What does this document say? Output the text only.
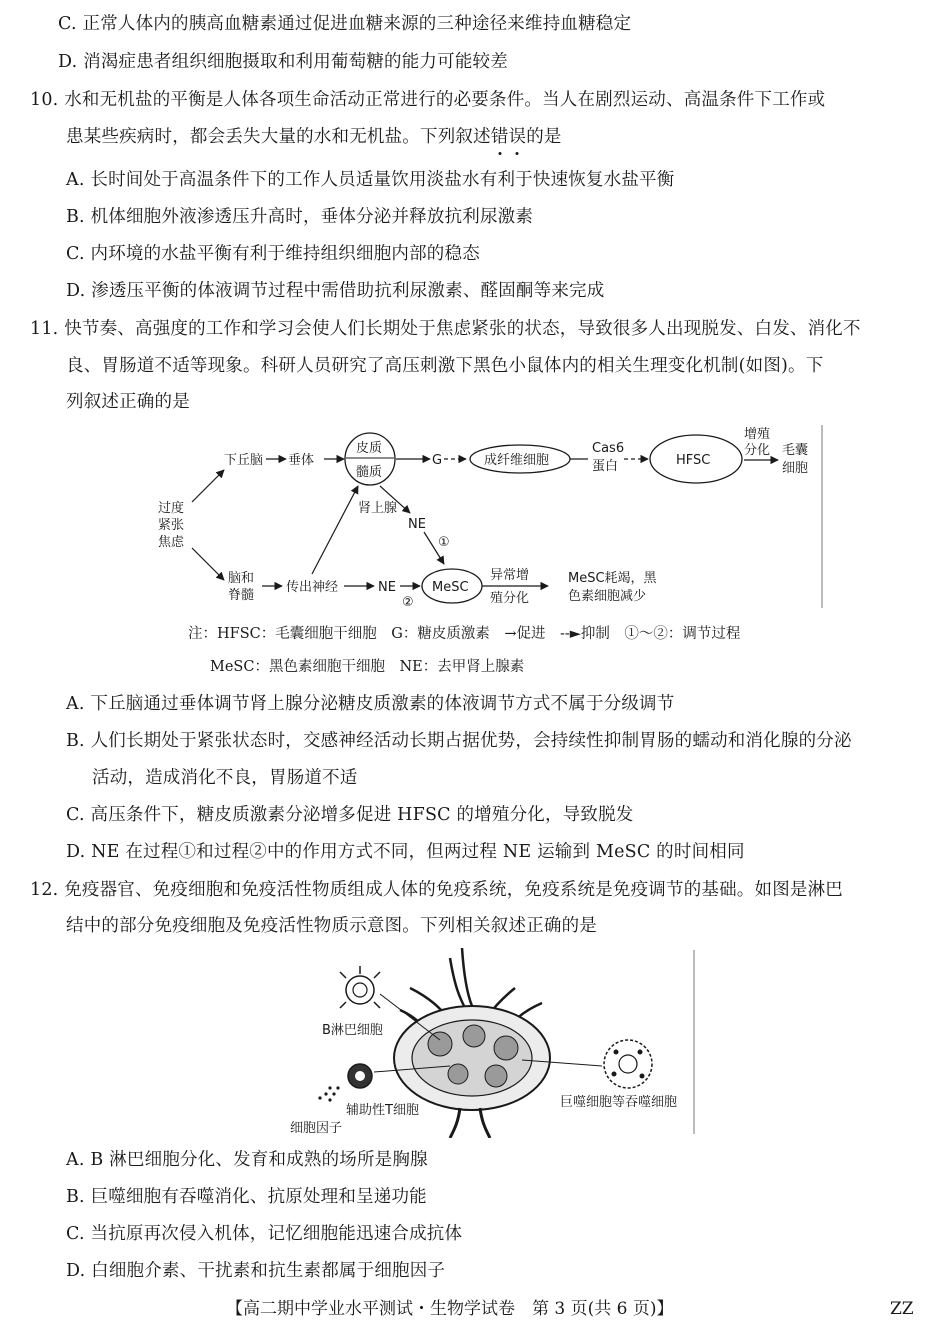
C. 正常人体内的胰高血糖素通过促进血糖来源的三种途径来维持血糖稳定
D. 消渴症患者组织细胞摄取和利用葡萄糖的能力可能较差
10. 水和无机盐的平衡是人体各项生命活动正常进行的必要条件。当人在剧烈运动、高温条件下工作或
患某些疾病时，都会丢失大量的水和无机盐。下列叙述错误的是
A. 长时间处于高温条件下的工作人员适量饮用淡盐水有利于快速恢复水盐平衡
B. 机体细胞外液渗透压升高时，垂体分泌并释放抗利尿激素
C. 内环境的水盐平衡有利于维持组织细胞内部的稳态
D. 渗透压平衡的体液调节过程中需借助抗利尿激素、醛固酮等来完成
11. 快节奏、高强度的工作和学习会使人们长期处于焦虑紧张的状态，导致很多人出现脱发、白发、消化不
良、胃肠道不适等现象。科研人员研究了高压刺激下黑色小鼠体内的相关生理变化机制(如图)。下
列叙述正确的是
过度
紧张
焦虑
下丘脑 垂体
皮质
髓质
G	成纤维细胞
Cas6
蛋白	HFSC
增殖
分化 毛囊
细胞
肾上腺
NE
①
脑和
脊髓
传出神经	NE
②
MeSC
异常增
殖分化
MeSC耗竭，黑
色素细胞减少
注：HFSC：毛囊细胞干细胞　G：糖皮质激素　→促进　--►抑制　①～②：调节过程
MeSC：黑色素细胞干细胞　NE：去甲肾上腺素
A. 下丘脑通过垂体调节肾上腺分泌糖皮质激素的体液调节方式不属于分级调节
B. 人们长期处于紧张状态时，交感神经活动长期占据优势，会持续性抑制胃肠的蠕动和消化腺的分泌
活动，造成消化不良，胃肠道不适
C. 高压条件下，糖皮质激素分泌增多促进 HFSC 的增殖分化，导致脱发
D. NE 在过程①和过程②中的作用方式不同，但两过程 NE 运输到 MeSC 的时间相同
12. 免疫器官、免疫细胞和免疫活性物质组成人体的免疫系统，免疫系统是免疫调节的基础。如图是淋巴
结中的部分免疫细胞及免疫活性物质示意图。下列相关叙述正确的是
B淋巴细胞
辅助性T细胞
细胞因子
巨噬细胞等吞噬细胞
A. B 淋巴细胞分化、发育和成熟的场所是胸腺
B. 巨噬细胞有吞噬消化、抗原处理和呈递功能
C. 当抗原再次侵入机体，记忆细胞能迅速合成抗体
D. 白细胞介素、干扰素和抗生素都属于细胞因子
【高二期中学业水平测试・生物学试卷　第 3 页(共 6 页)】	ZZ
